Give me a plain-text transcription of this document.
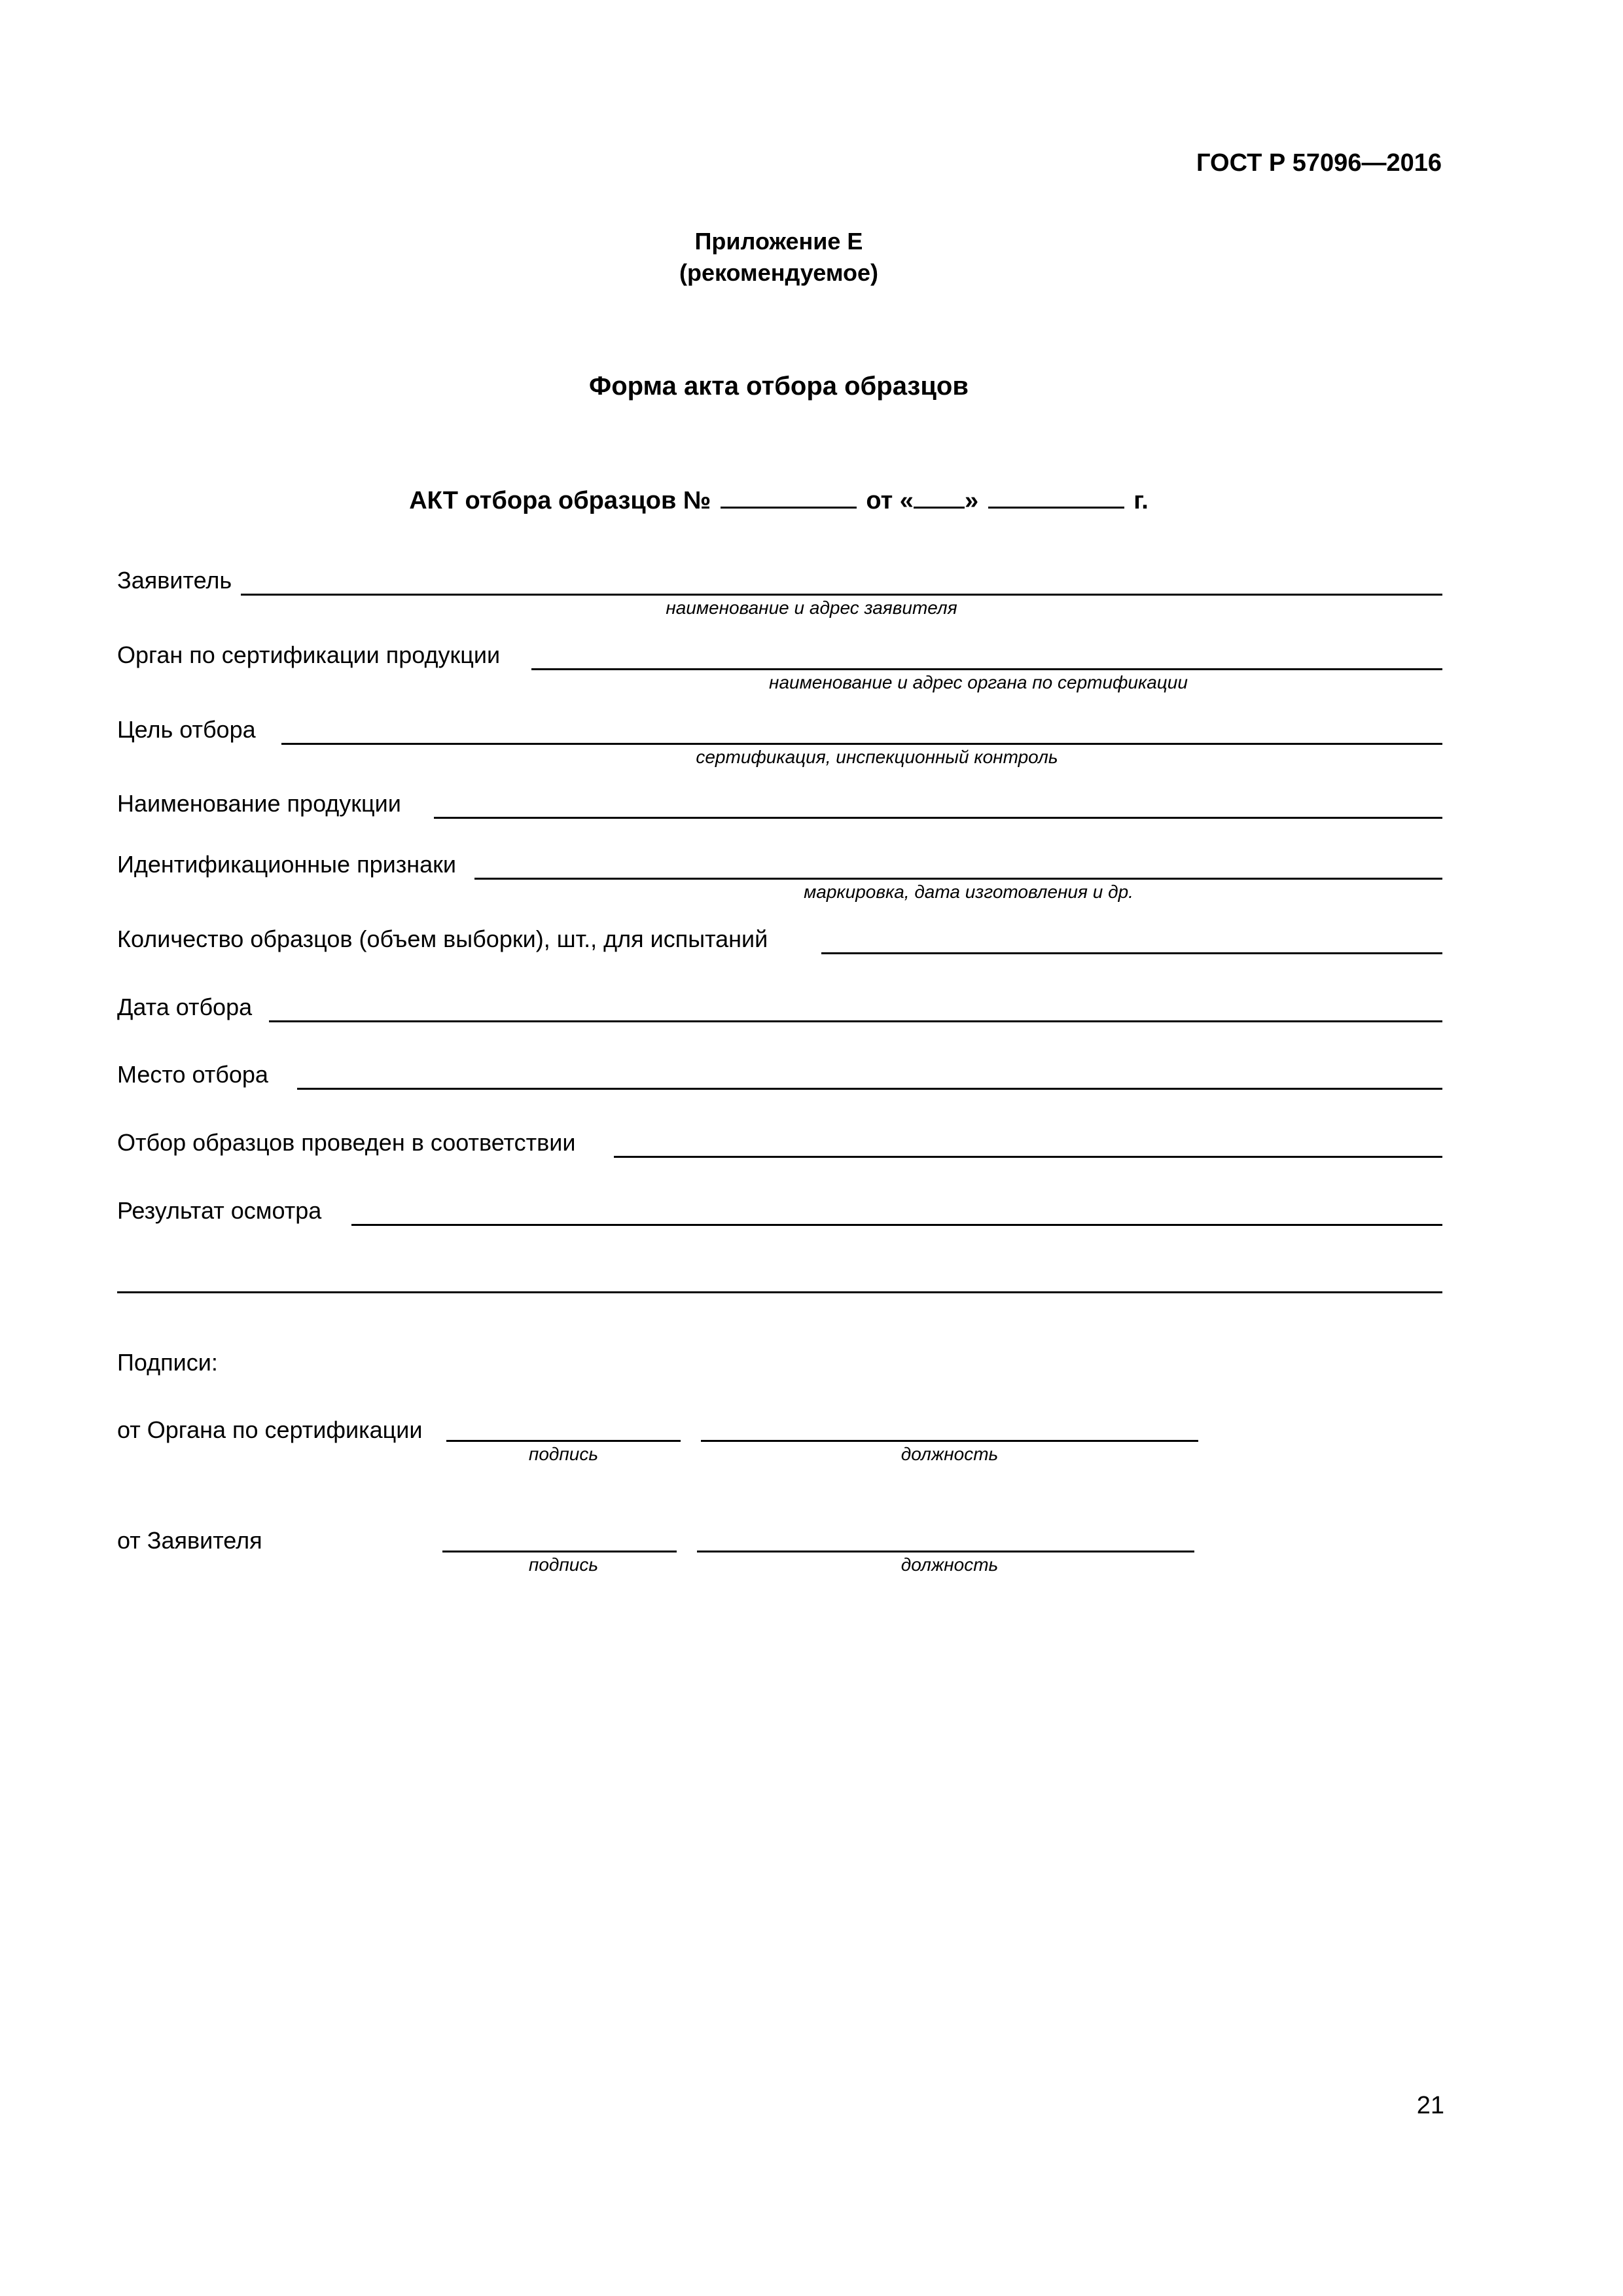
ГОСТ Р 57096—2016
Приложение Е
(рекомендуемое)
Форма акта отбора образцов
АКТ отбора образцов №	от « »	г.
Заявитель
наименование и адрес заявителя
Орган по сертификации продукции
наименование и адрес органа по сертификации
Цель отбора
сертификация, инспекционный контроль
Наименование продукции
Идентификационные признаки
маркировка, дата изготовления и др.
Количество образцов (объем выборки), шт., для испытаний
Дата отбора
Место отбора
Отбор образцов проведен в соответствии
Результат осмотра
Подписи:
от Органа по сертификации
подпись	должность
от Заявителя
подпись	должность
21
